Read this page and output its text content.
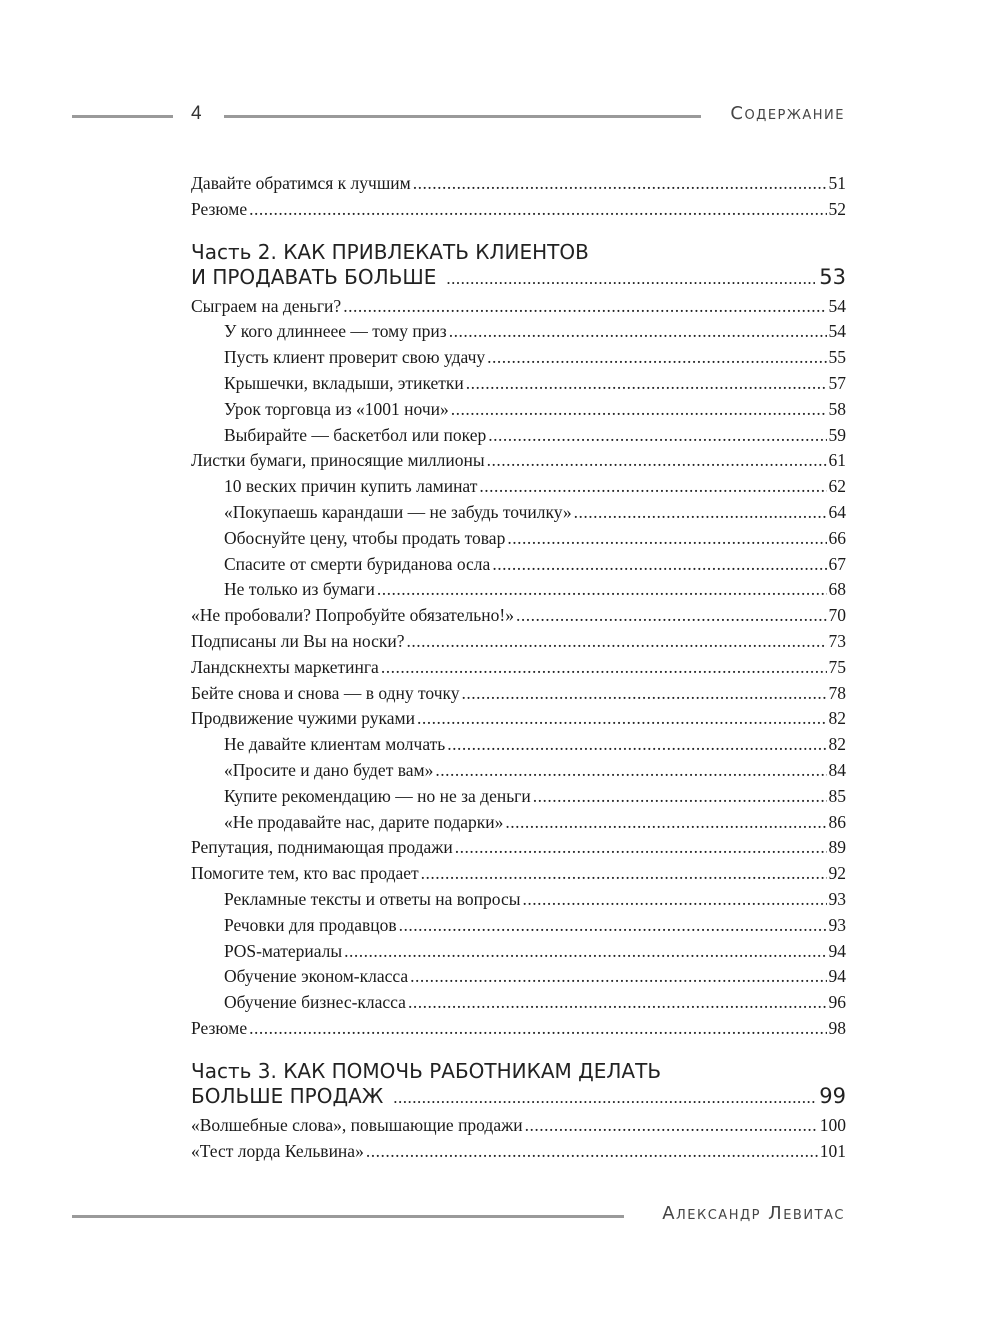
4	Содержание
Давайте обратимся к лучшим .....	51
Резюме .....	52
Часть 2. КАК ПРИВЛЕКАТЬ КЛИЕНТОВ
И ПРОДАВАТЬ БОЛЬШЕ .....	53
Сыграем на деньги? .....	54
У кого длиннеее — тому приз .....	54
Пусть клиент проверит свою удачу .....	55
Крышечки, вкладыши, этикетки .....	57
Урок торговца из «1001 ночи» .....	58
Выбирайте — баскетбол или покер .....	59
Листки бумаги, приносящие миллионы .....	61
10 веских причин купить ламинат .....	62
«Покупаешь карандаши — не забудь точилку» .....	64
Обоснуйте цену, чтобы продать товар .....	66
Спасите от смерти буриданова осла .....	67
Не только из бумаги .....	68
«Не пробовали? Попробуйте обязательно!» .....	70
Подписаны ли Вы на носки? .....	73
Ландскнехты маркетинга .....	75
Бейте снова и снова — в одну точку .....	78
Продвижение чужими руками .....	82
Не давайте клиентам молчать .....	82
«Просите и дано будет вам» .....	84
Купите рекомендацию — но не за деньги .....	85
«Не продавайте нас, дарите подарки» .....	86
Репутация, поднимающая продажи .....	89
Помогите тем, кто вас продает .....	92
Рекламные тексты и ответы на вопросы .....	93
Речовки для продавцов .....	93
POS-материалы .....	94
Обучение эконом-класса .....	94
Обучение бизнес-класса .....	96
Резюме .....	98
Часть 3. КАК ПОМОЧЬ РАБОТНИКАМ ДЕЛАТЬ
БОЛЬШЕ ПРОДАЖ .....	99
«Волшебные слова», повышающие продажи .....	100
«Тест лорда Кельвина» .....	101
Александр Левитас
